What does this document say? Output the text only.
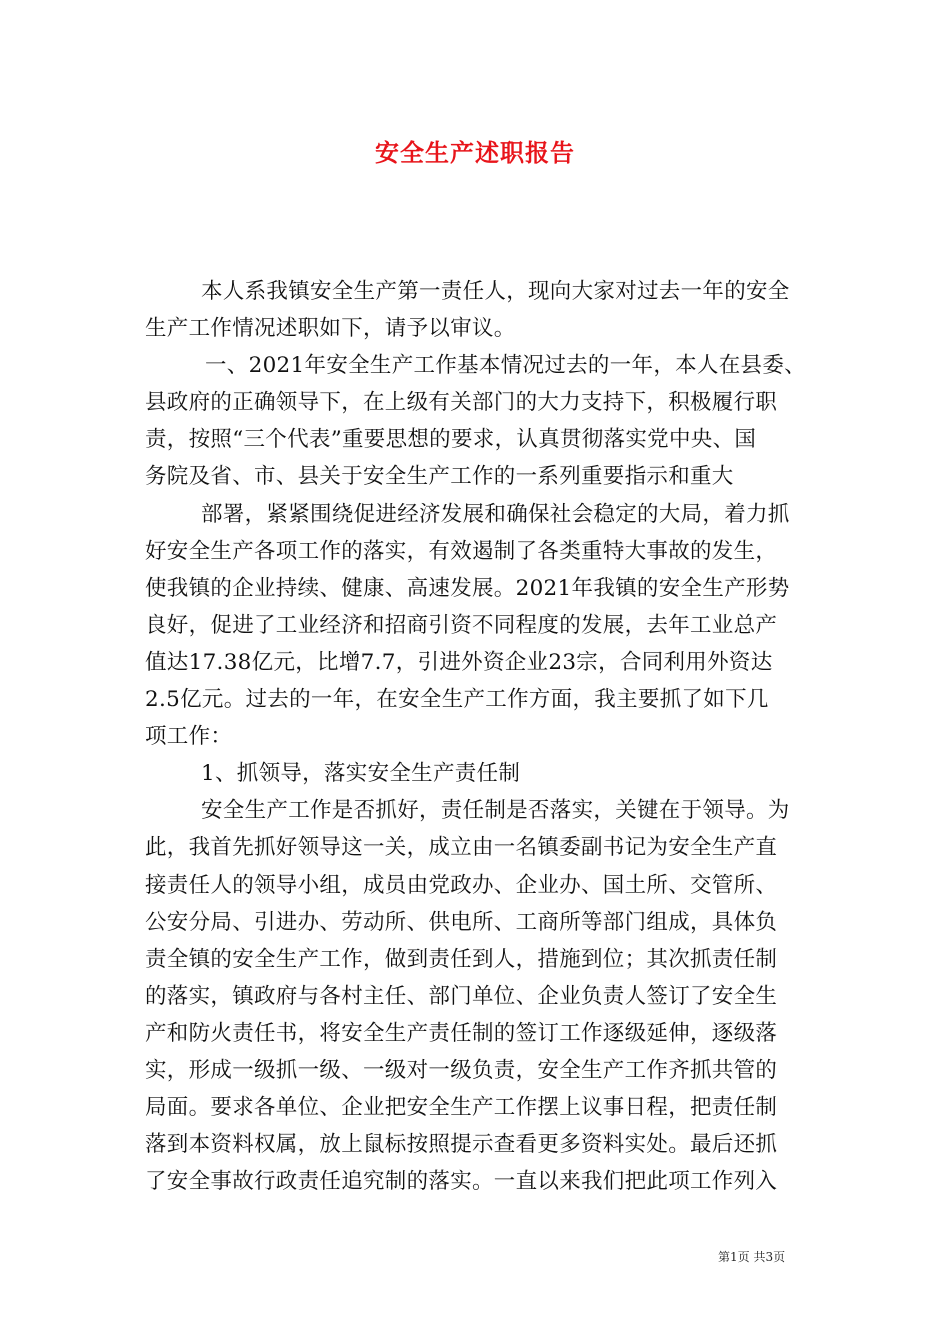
安全生产述职报告
本人系我镇安全生产第一责任人，现向大家对过去一年的安全
生产工作情况述职如下，请予以审议。
一、2021年安全生产工作基本情况过去的一年，本人在县委、
县政府的正确领导下，在上级有关部门的大力支持下，积极履行职
责，按照“三个代表”重要思想的要求，认真贯彻落实党中央、国
务院及省、市、县关于安全生产工作的一系列重要指示和重大
部署，紧紧围绕促进经济发展和确保社会稳定的大局，着力抓
好安全生产各项工作的落实，有效遏制了各类重特大事故的发生，
使我镇的企业持续、健康、高速发展。2021年我镇的安全生产形势
良好，促进了工业经济和招商引资不同程度的发展，去年工业总产
值达17.38亿元，比增7.7，引进外资企业23宗，合同利用外资达
2.5亿元。过去的一年，在安全生产工作方面，我主要抓了如下几
项工作：
1、抓领导，落实安全生产责任制
安全生产工作是否抓好，责任制是否落实，关键在于领导。为
此，我首先抓好领导这一关，成立由一名镇委副书记为安全生产直
接责任人的领导小组，成员由党政办、企业办、国土所、交管所、
公安分局、引进办、劳动所、供电所、工商所等部门组成，具体负
责全镇的安全生产工作，做到责任到人，措施到位；其次抓责任制
的落实，镇政府与各村主任、部门单位、企业负责人签订了安全生
产和防火责任书，将安全生产责任制的签订工作逐级延伸，逐级落
实，形成一级抓一级、一级对一级负责，安全生产工作齐抓共管的
局面。要求各单位、企业把安全生产工作摆上议事日程，把责任制
落到本资料权属，放上鼠标按照提示查看更多资料实处。最后还抓
了安全事故行政责任追究制的落实。一直以来我们把此项工作列入
第1页 共3页
